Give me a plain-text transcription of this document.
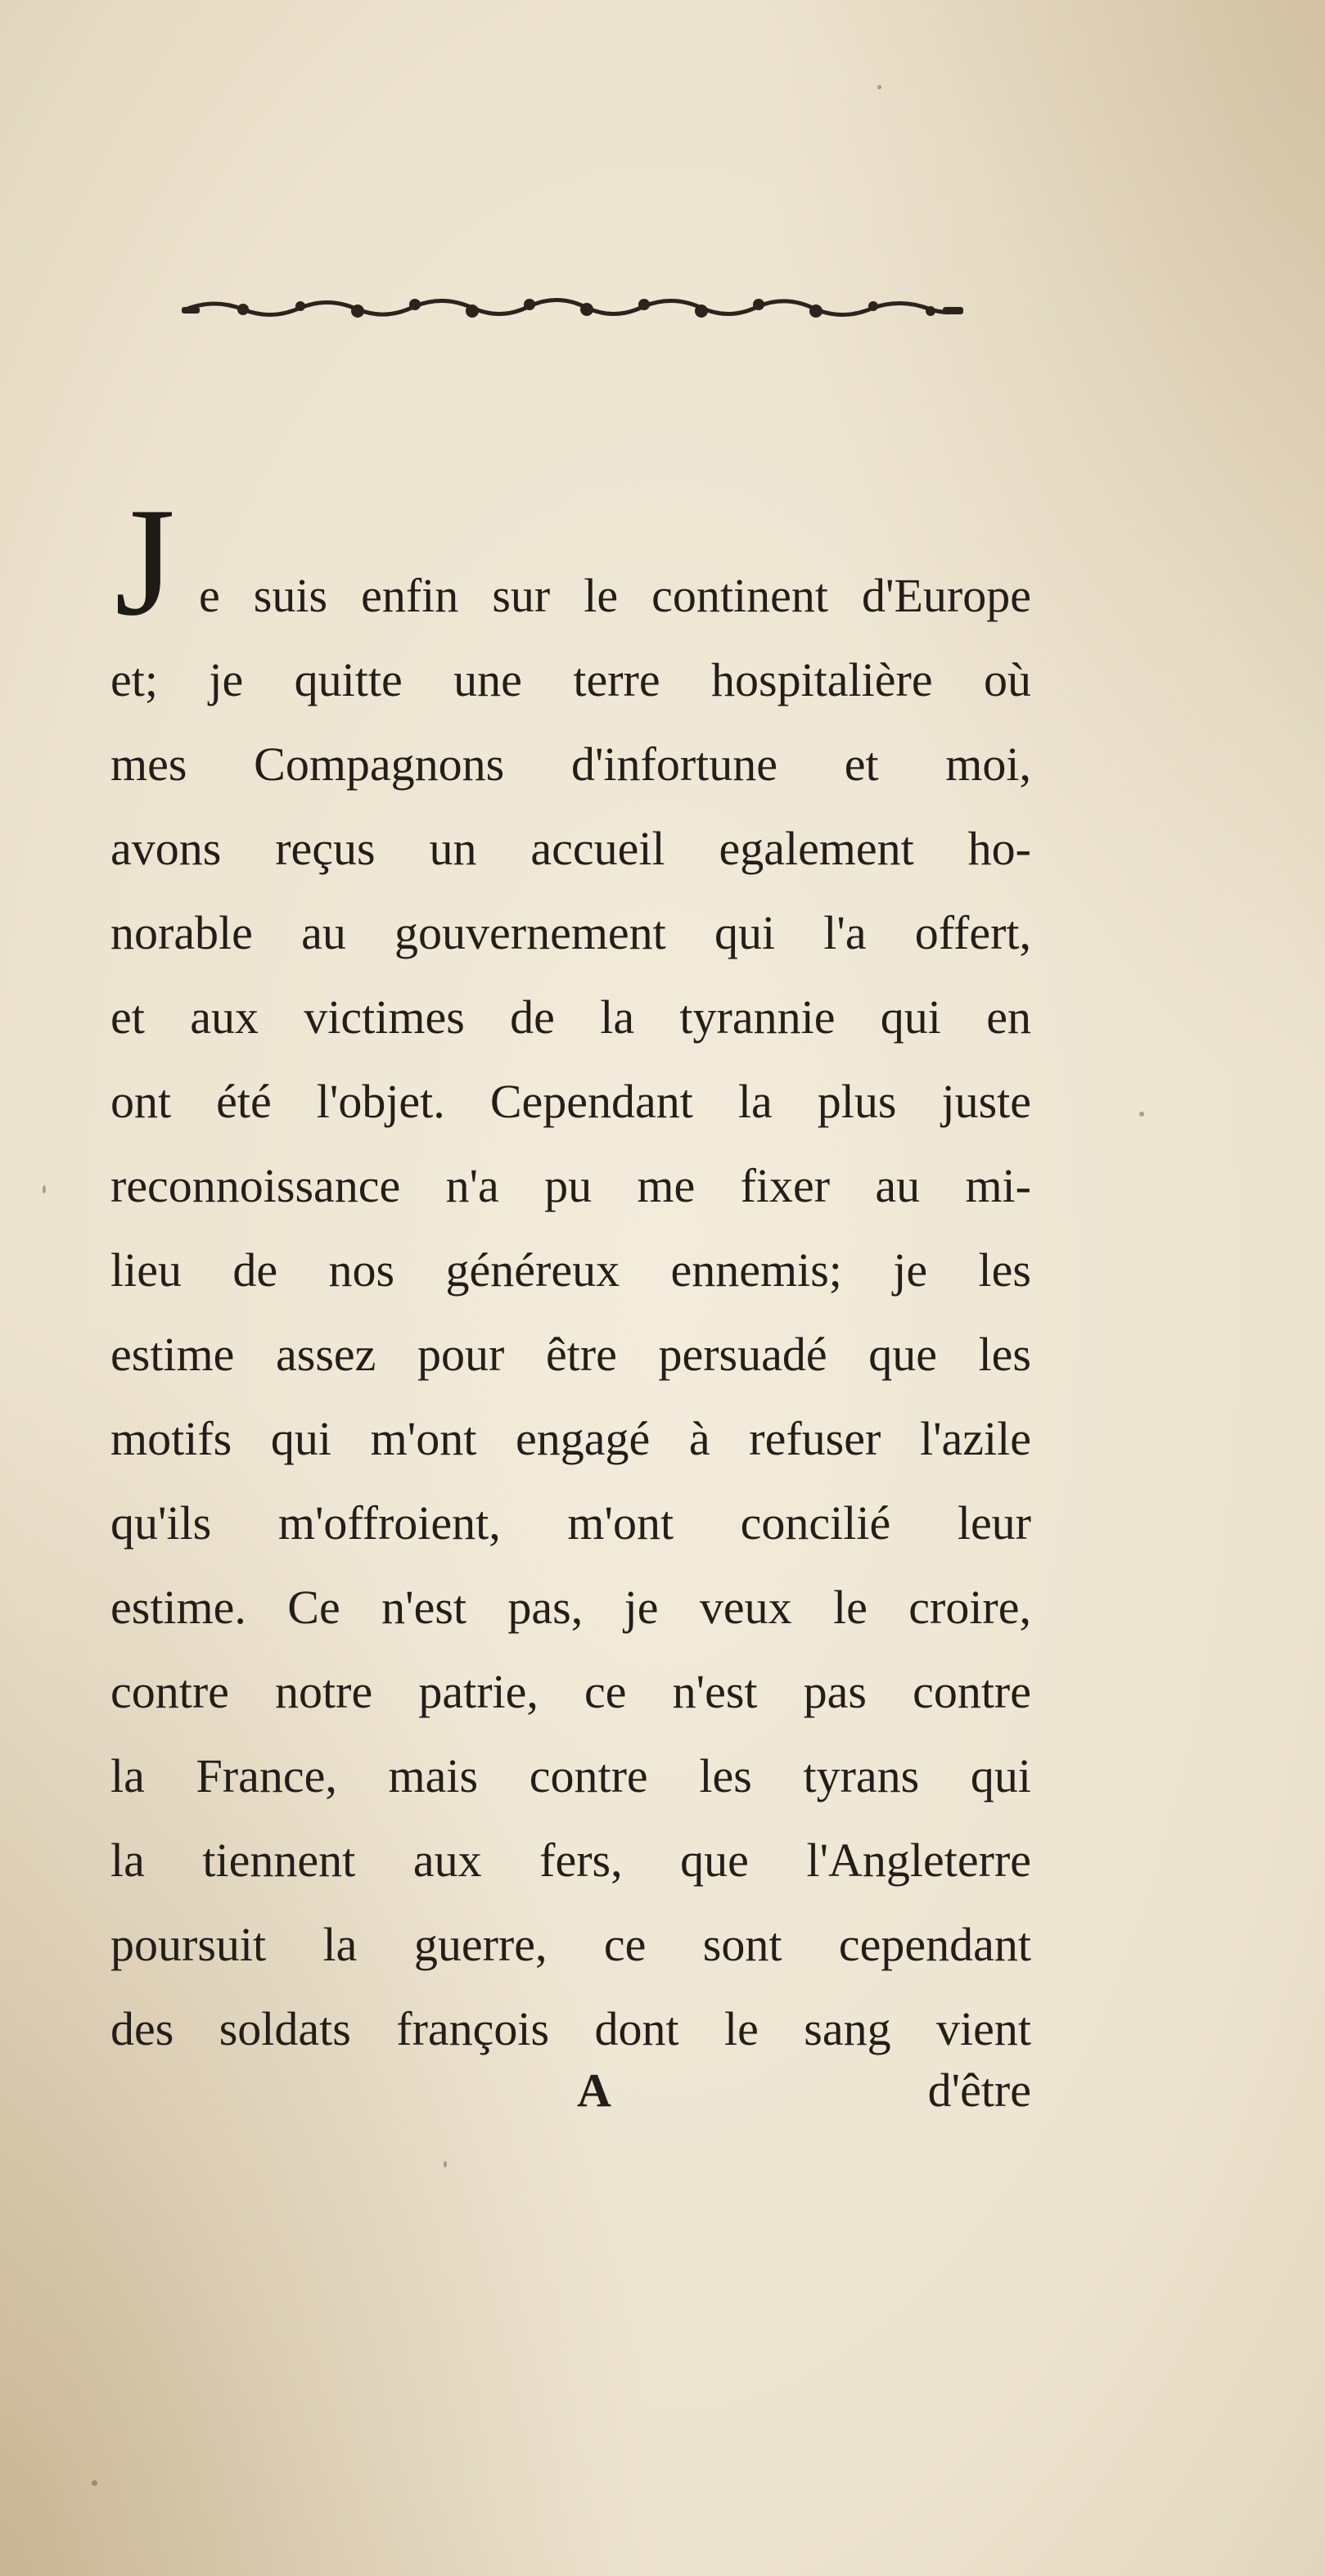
J e suis enfin sur le continent d'Europe
et; je quitte une terre hospitalière où
mes Compagnons d'infortune et moi,
avons reçus un accueil egalement ho-
norable au gouvernement qui l'a offert,
et aux victimes de la tyrannie qui en
ont été l'objet. Cependant la plus juste
reconnoissance n'a pu me fixer au mi-
lieu de nos généreux ennemis; je les
estime assez pour être persuadé que les
motifs qui m'ont engagé à refuser l'azile
qu'ils m'offroient, m'ont concilié leur
estime. Ce n'est pas, je veux le croire,
contre notre patrie, ce n'est pas contre
la France, mais contre les tyrans qui
la tiennent aux fers, que l'Angleterre
poursuit la guerre, ce sont cependant
des soldats françois dont le sang vient
A	d'être
